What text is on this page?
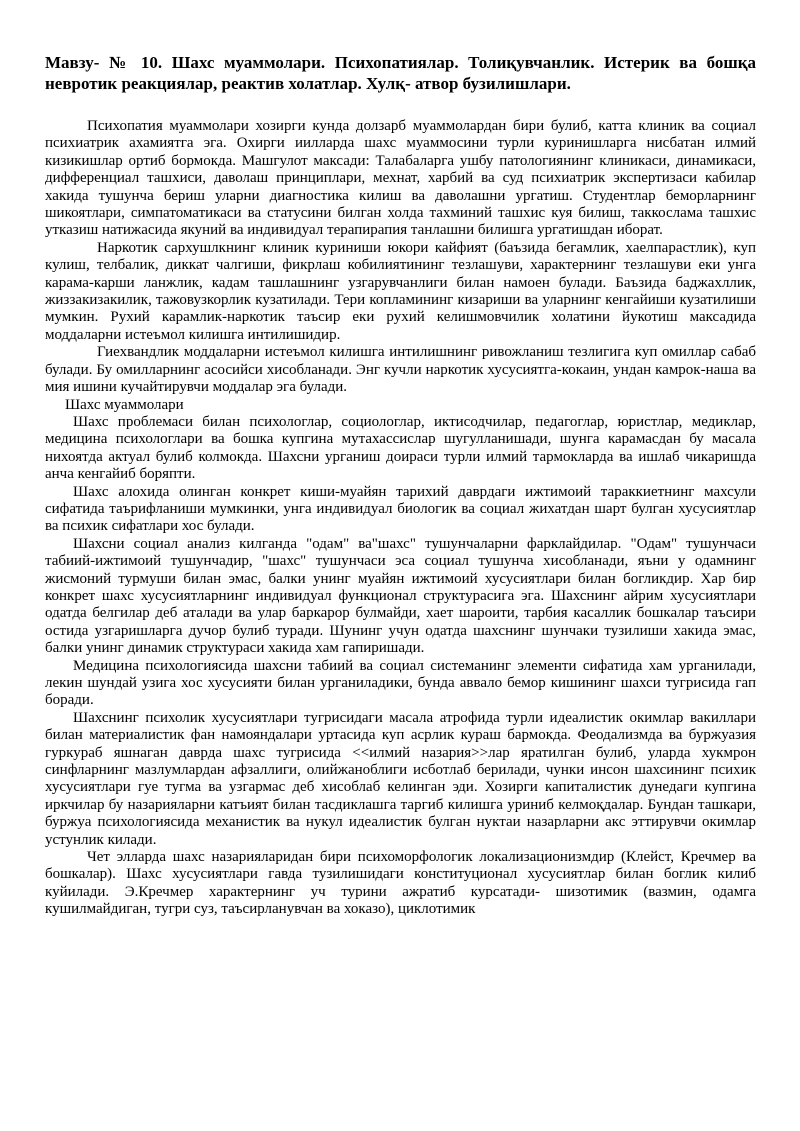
Мавзу- № 10. Шахс муаммолари. Психопатиялар. Толиқувчанлик. Истерик ва бошқа невротик реакциялар, реактив холатлар. Хулқ- атвор бузилишлари.

Психопатия муаммолари хозирги кунда долзарб муаммолардан бири булиб, катта клиник ва социал психиатрик ахамиятга эга. Охирги иилларда шахс муаммосини турли куринишларга нисбатан илмий кизикишлар ортиб бормокда. Машгулот максади: Талабаларга ушбу патологиянинг клиникаси, динамикаси, дифференциал ташхиси, даволаш принциплари, мехнат, харбий ва суд психиатрик экспертизаси кабилар хакида тушунча бериш уларни диагностика килиш ва даволашни ургатиш. Студентлар беморларнинг шикоятлари, симпатоматикаси ва статусини билган холда тахминий ташхис куя билиш, таккослама ташхис утказиш натижасида якуний ва индивидуал терапирапия танлашни билишга ургатишдан иборат.

Наркотик сархушлкнинг клиник куриниши юкори кайфият (баъзида бегамлик, хаелпарастлик), куп кулиш, телбалик, диккат чалгиши, фикрлаш кобилиятининг тезлашуви, характернинг тезлашуви еки унга карама-карши ланжлик, кадам ташлашнинг узгарувчанлиги билан намоен булади. Баъзида баджахллик, жиззакизакилик, тажовузкорлик кузатилади. Тери копламининг кизариши ва уларнинг кенгайиши кузатилиши мумкин. Рухий карамлик-наркотик таъсир еки рухий келишмовчилик холатини йукотиш максадида моддаларни истеъмол килишга интилишидир.

Гиехвандлик моддаларни истеъмол килишга интилишнинг ривожланиш тезлигига куп омиллар сабаб булади. Бу омилларнинг асосийси хисобланади. Энг кучли наркотик хусусиятга-кокаин, ундан камрок-наша ва мия ишини кучайтирувчи моддалар эга булади.

Шахс муаммолари

Шахс проблемаси билан психологлар, социологлар, иктисодчилар, педагоглар, юристлар, медиклар, медицина психологлари ва бошка купгина мутахассислар шугулланишади, шунга карамасдан бу масала нихоятда актуал булиб колмокда. Шахсни урганиш доираси турли илмий тармокларда ва ишлаб чикаришда анча кенгайиб боряпти.

Шахс алохида олинган конкрет киши-муайян тарихий даврдаги ижтимоий тараккиетнинг махсули сифатида таърифланиши мумкинки, унга индивидуал биологик ва социал жихатдан шарт булган хусусиятлар ва психик сифатлари хос булади.

Шахсни социал анализ килганда "одам" ва"шахс" тушунчаларни фарклайдилар. "Одам" тушунчаси табиий-ижтимоий тушунчадир, "шахс" тушунчаси эса социал тушунча хисобланади, яъни у одамнинг жисмоний турмуши билан эмас, балки унинг муайян ижтимоий хусусиятлари билан богликдир. Хар бир конкрет шахс хусусиятларнинг индивидуал функционал структурасига эга. Шахснинг айрим хусусиятлари одатда белгилар деб аталади ва улар баркарор булмайди, хает шароити, тарбия касаллик бошкалар таъсири остида узгаришларга дучор булиб туради. Шунинг учун одатда шахснинг шунчаки тузилиши хакида эмас, балки унинг динамик структураси хакида хам гапиришади.

Медицина психологиясида шахсни табиий ва социал системанинг элементи сифатида хам урганилади, лекин шундай узига хос хусусияти билан урганиладики, бунда аввало бемор кишининг шахси тугрисида гап боради.

Шахснинг психолик хусусиятлари тугрисидаги масала атрофида турли идеалистик окимлар вакиллари билан материалистик фан намояндалари уртасида куп асрлик кураш бармокда. Феодализмда ва буржуазия гуркураб яшнаган даврда шахс тугрисида <<илмий назария>>лар яратилган булиб, уларда хукмрон синфларнинг мазлумлардан афзаллиги, олийжаноблиги исботлаб берилади, чунки инсон шахсининг психик хусусиятлари гуе тугма ва узгармас деб хисоблаб келинган эди. Хозирги капиталистик дунедаги купгина иркчилар бу назарияларни катъият билан тасдиклашга таргиб килишга уриниб келмоқдалар. Бундан ташкари, буржуа психологиясида механистик ва нукул идеалистик булган нуктаи назарларни акс эттирувчи окимлар устунлик килади.

Чет элларда шахс назарияларидан бири психоморфологик локализационизмдир (Клейст, Кречмер ва бошкалар). Шахс хусусиятлари гавда тузилишидаги конституционал хусусиятлар билан боглик килиб куйилади. Э.Кречмер характернинг уч турини ажратиб курсатади- шизотимик (вазмин, одамга кушилмайдиган, тугри суз, таъсирланувчан ва хоказо), циклотимик
